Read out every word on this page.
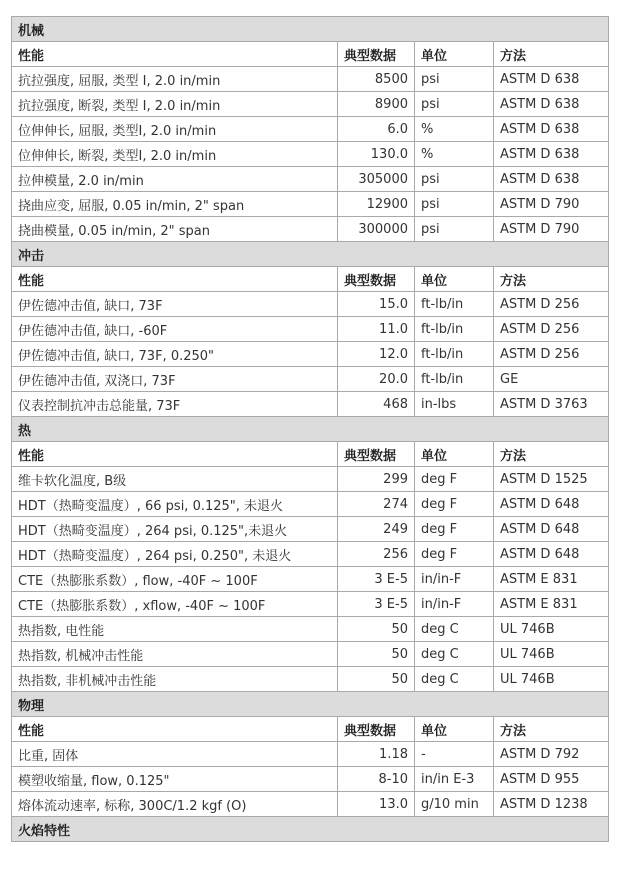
机械			
性能	典型数据	单位	方法
抗拉强度, 屈服, 类型 I, 2.0 in/min	8500	psi	ASTM D 638
抗拉强度, 断裂, 类型 I, 2.0 in/min	8900	psi	ASTM D 638
位伸伸长, 屈服, 类型I, 2.0 in/min	6.0	%	ASTM D 638
位伸伸长, 断裂, 类型I, 2.0 in/min	130.0	%	ASTM D 638
拉伸模量, 2.0 in/min	305000	psi	ASTM D 638
挠曲应变, 屈服, 0.05 in/min, 2" span	12900	psi	ASTM D 790
挠曲模量, 0.05 in/min, 2" span	300000	psi	ASTM D 790
冲击			
性能	典型数据	单位	方法
伊佐德冲击值, 缺口, 73F	15.0	ft-lb/in	ASTM D 256
伊佐德冲击值, 缺口, -60F	11.0	ft-lb/in	ASTM D 256
伊佐德冲击值, 缺口, 73F, 0.250"	12.0	ft-lb/in	ASTM D 256
伊佐德冲击值, 双浇口, 73F	20.0	ft-lb/in	GE
仪表控制抗冲击总能量, 73F	468	in-lbs	ASTM D 3763
热			
性能	典型数据	单位	方法
维卡软化温度, B级	299	deg F	ASTM D 1525
HDT（热畸变温度）, 66 psi, 0.125", 未退火	274	deg F	ASTM D 648
HDT（热畸变温度）, 264 psi, 0.125",未退火	249	deg F	ASTM D 648
HDT（热畸变温度）, 264 psi, 0.250", 未退火	256	deg F	ASTM D 648
CTE（热膨胀系数）, flow, -40F ~ 100F	3 E-5	in/in-F	ASTM E 831
CTE（热膨胀系数）, xflow, -40F ~ 100F	3 E-5	in/in-F	ASTM E 831
热指数, 电性能	50	deg C	UL 746B
热指数, 机械冲击性能	50	deg C	UL 746B
热指数, 非机械冲击性能	50	deg C	UL 746B
物理			
性能	典型数据	单位	方法
比重, 固体	1.18	-	ASTM D 792
模塑收缩量, flow, 0.125"	8-10	in/in E-3	ASTM D 955
熔体流动速率, 标称, 300C/1.2 kgf (O)	13.0	g/10 min	ASTM D 1238
火焰特性			
